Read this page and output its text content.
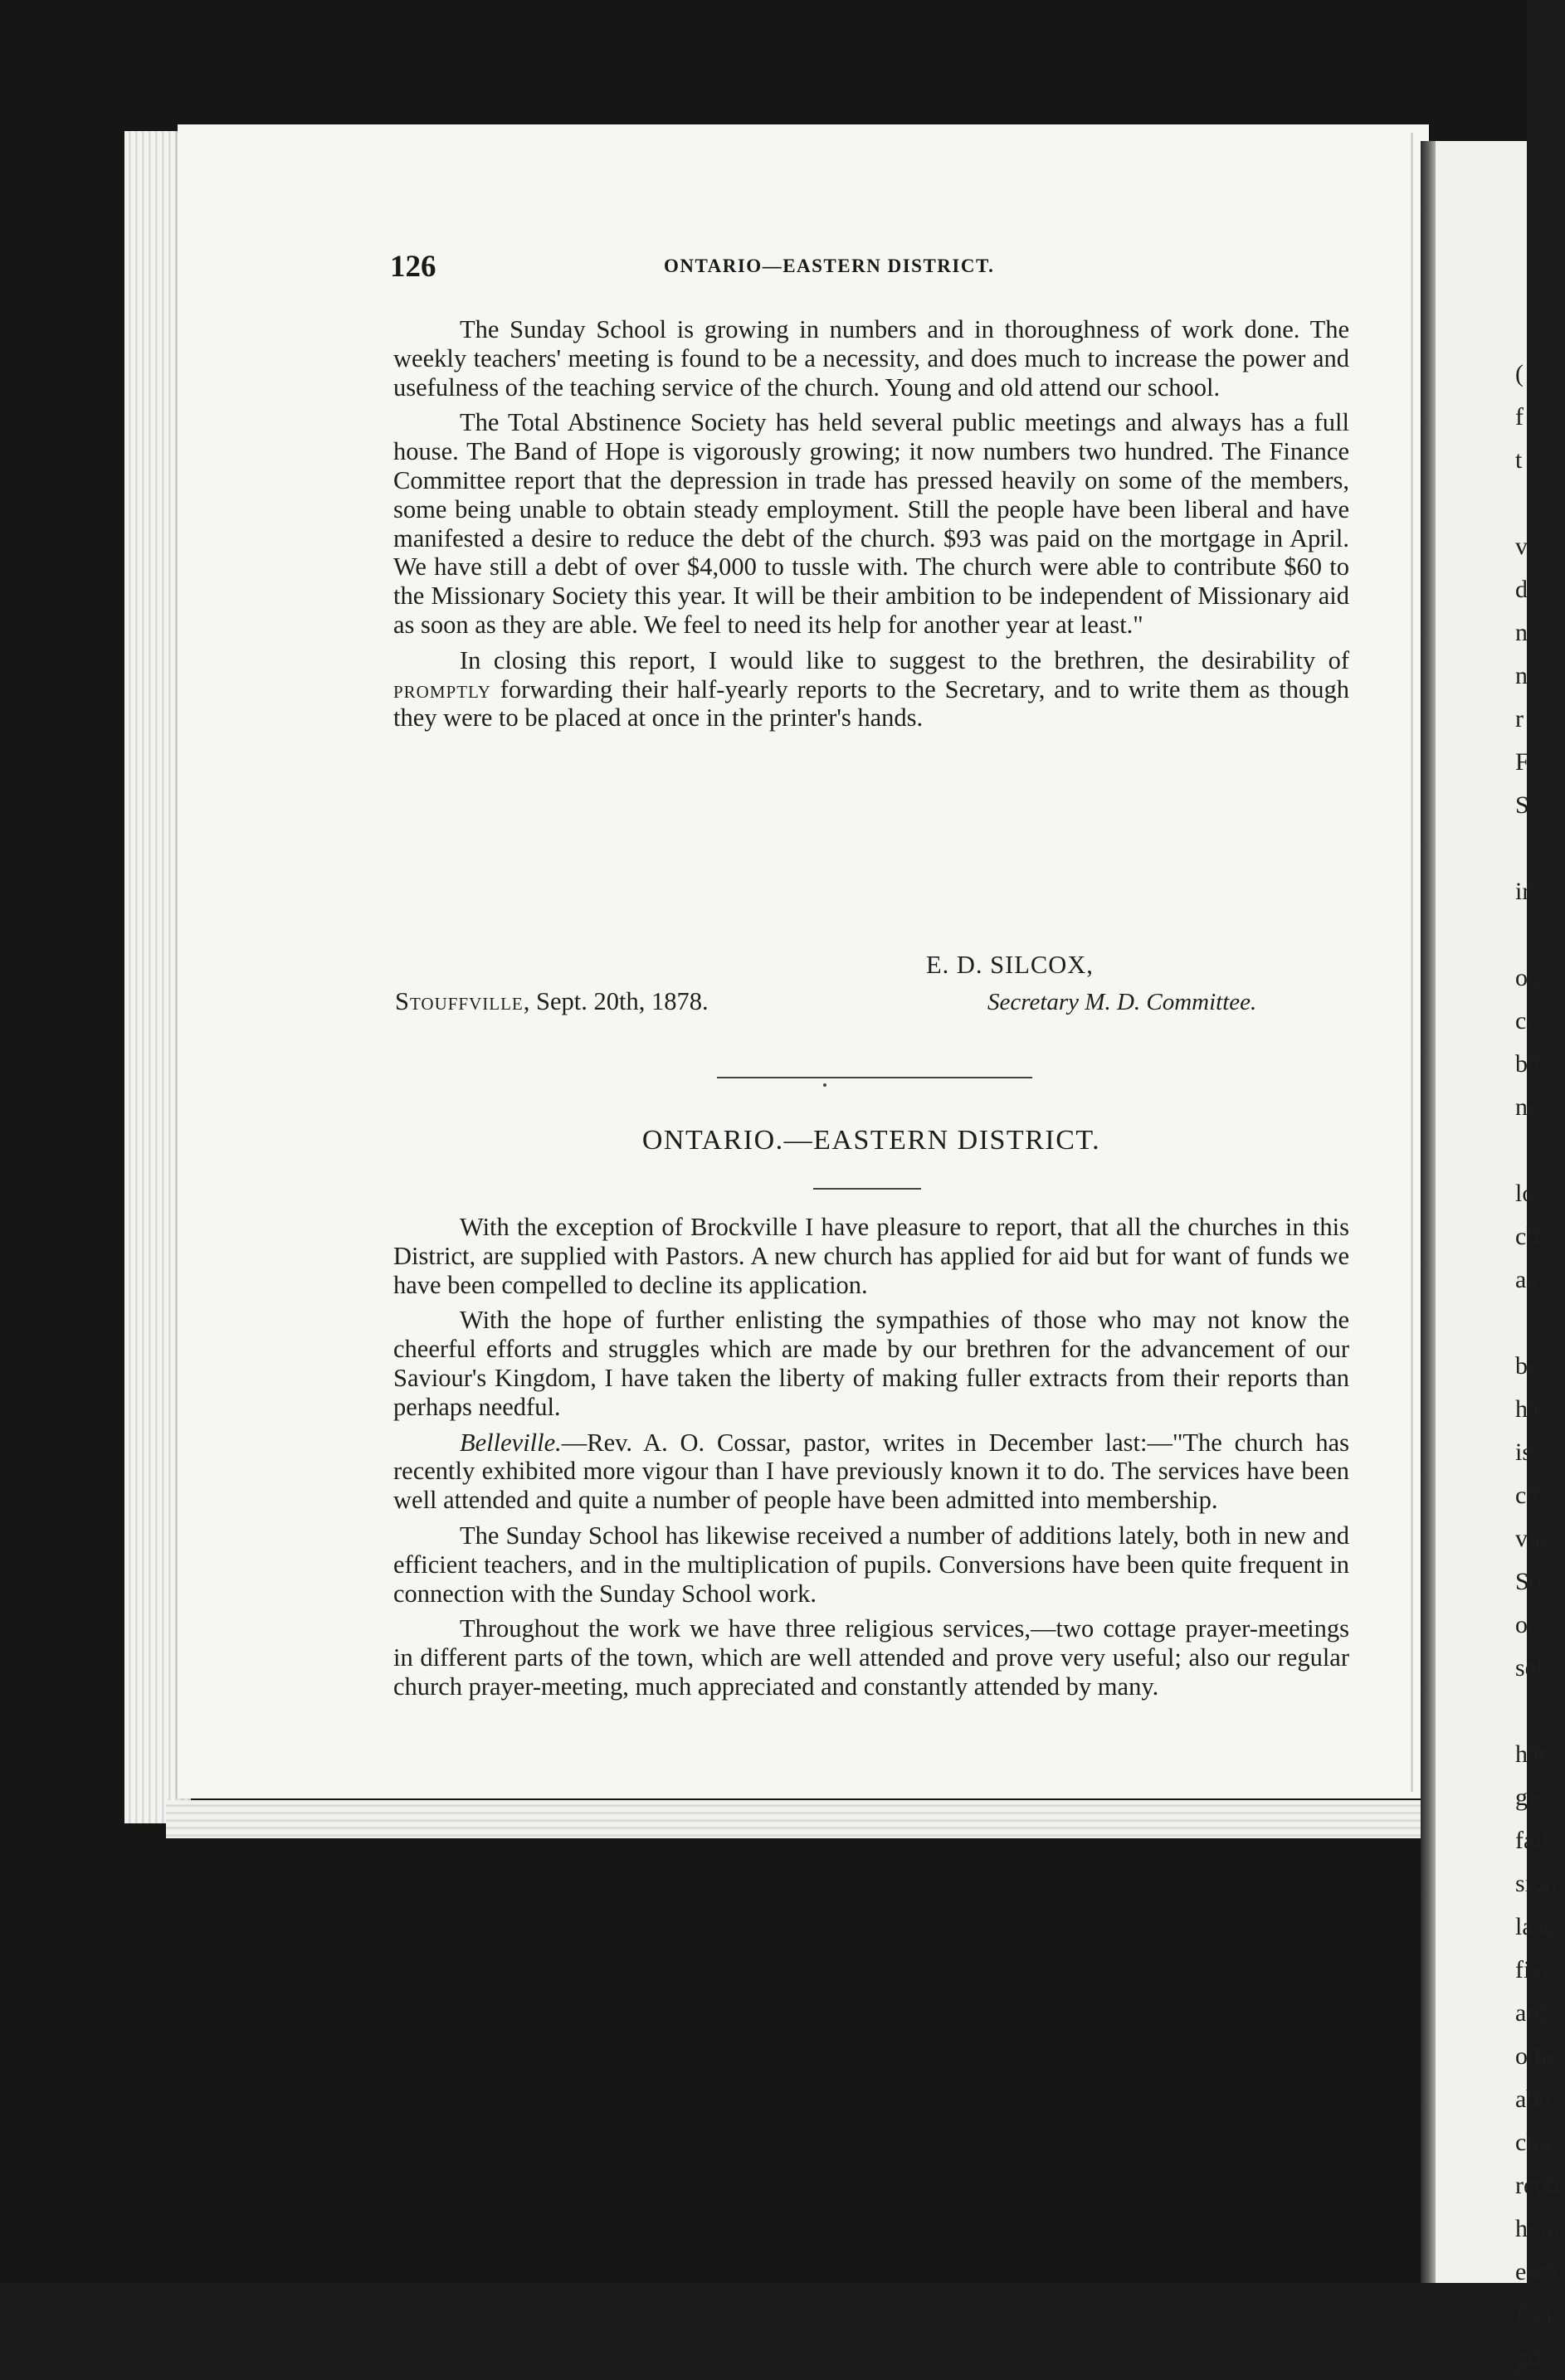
126	ONTARIO—EASTERN DISTRICT.

The Sunday School is growing in numbers and in thoroughness of work done. The weekly teachers' meeting is found to be a necessity, and does much to increase the power and usefulness of the teaching service of the church. Young and old attend our school.

The Total Abstinence Society has held several public meetings and always has a full house. The Band of Hope is vigorously growing; it now numbers two hundred. The Finance Committee report that the depression in trade has pressed heavily on some of the members, some being unable to obtain steady employment. Still the people have been liberal and have manifested a desire to reduce the debt of the church. $93 was paid on the mortgage in April. We have still a debt of over $4,000 to tussle with. The church were able to contribute $60 to the Missionary Society this year. It will be their ambition to be independent of Missionary aid as soon as they are able. We feel to need its help for another year at least."

In closing this report, I would like to suggest to the brethren, the desirability of promptly forwarding their half-yearly reports to the Secretary, and to write them as though they were to be placed at once in the printer's hands.

E. D. SILCOX,
Stouffville, Sept. 20th, 1878.	Secretary M. D. Committee.
ONTARIO.—EASTERN DISTRICT.

With the exception of Brockville I have pleasure to report, that all the churches in this District, are supplied with Pastors. A new church has applied for aid but for want of funds we have been compelled to decline its application.

With the hope of further enlisting the sympathies of those who may not know the cheerful efforts and struggles which are made by our brethren for the advancement of our Saviour's Kingdom, I have taken the liberty of making fuller extracts from their reports than perhaps needful.

Belleville.—Rev. A. O. Cossar, pastor, writes in December last:—"The church has recently exhibited more vigour than I have previously known it to do. The services have been well attended and quite a number of people have been admitted into membership.

The Sunday School has likewise received a number of additions lately, both in new and efficient teachers, and in the multiplication of pupils. Conversions have been quite frequent in connection with the Sunday School work.

Throughout the work we have three religious services,—two cottage prayer-meetings in different parts of the town, which are well attended and prove very useful; also our regular church prayer-meeting, much appreciated and constantly attended by many.

(
f
t
v
d
n
n
r
F
S
ir
oc
ci
bu
nc
lo
ch
an
be
ha
is
cu
vig
So
or
sel
har
giv
fail
sion
last
five
are
othe
abo
chu
repo
hom
esca
feel
go.
